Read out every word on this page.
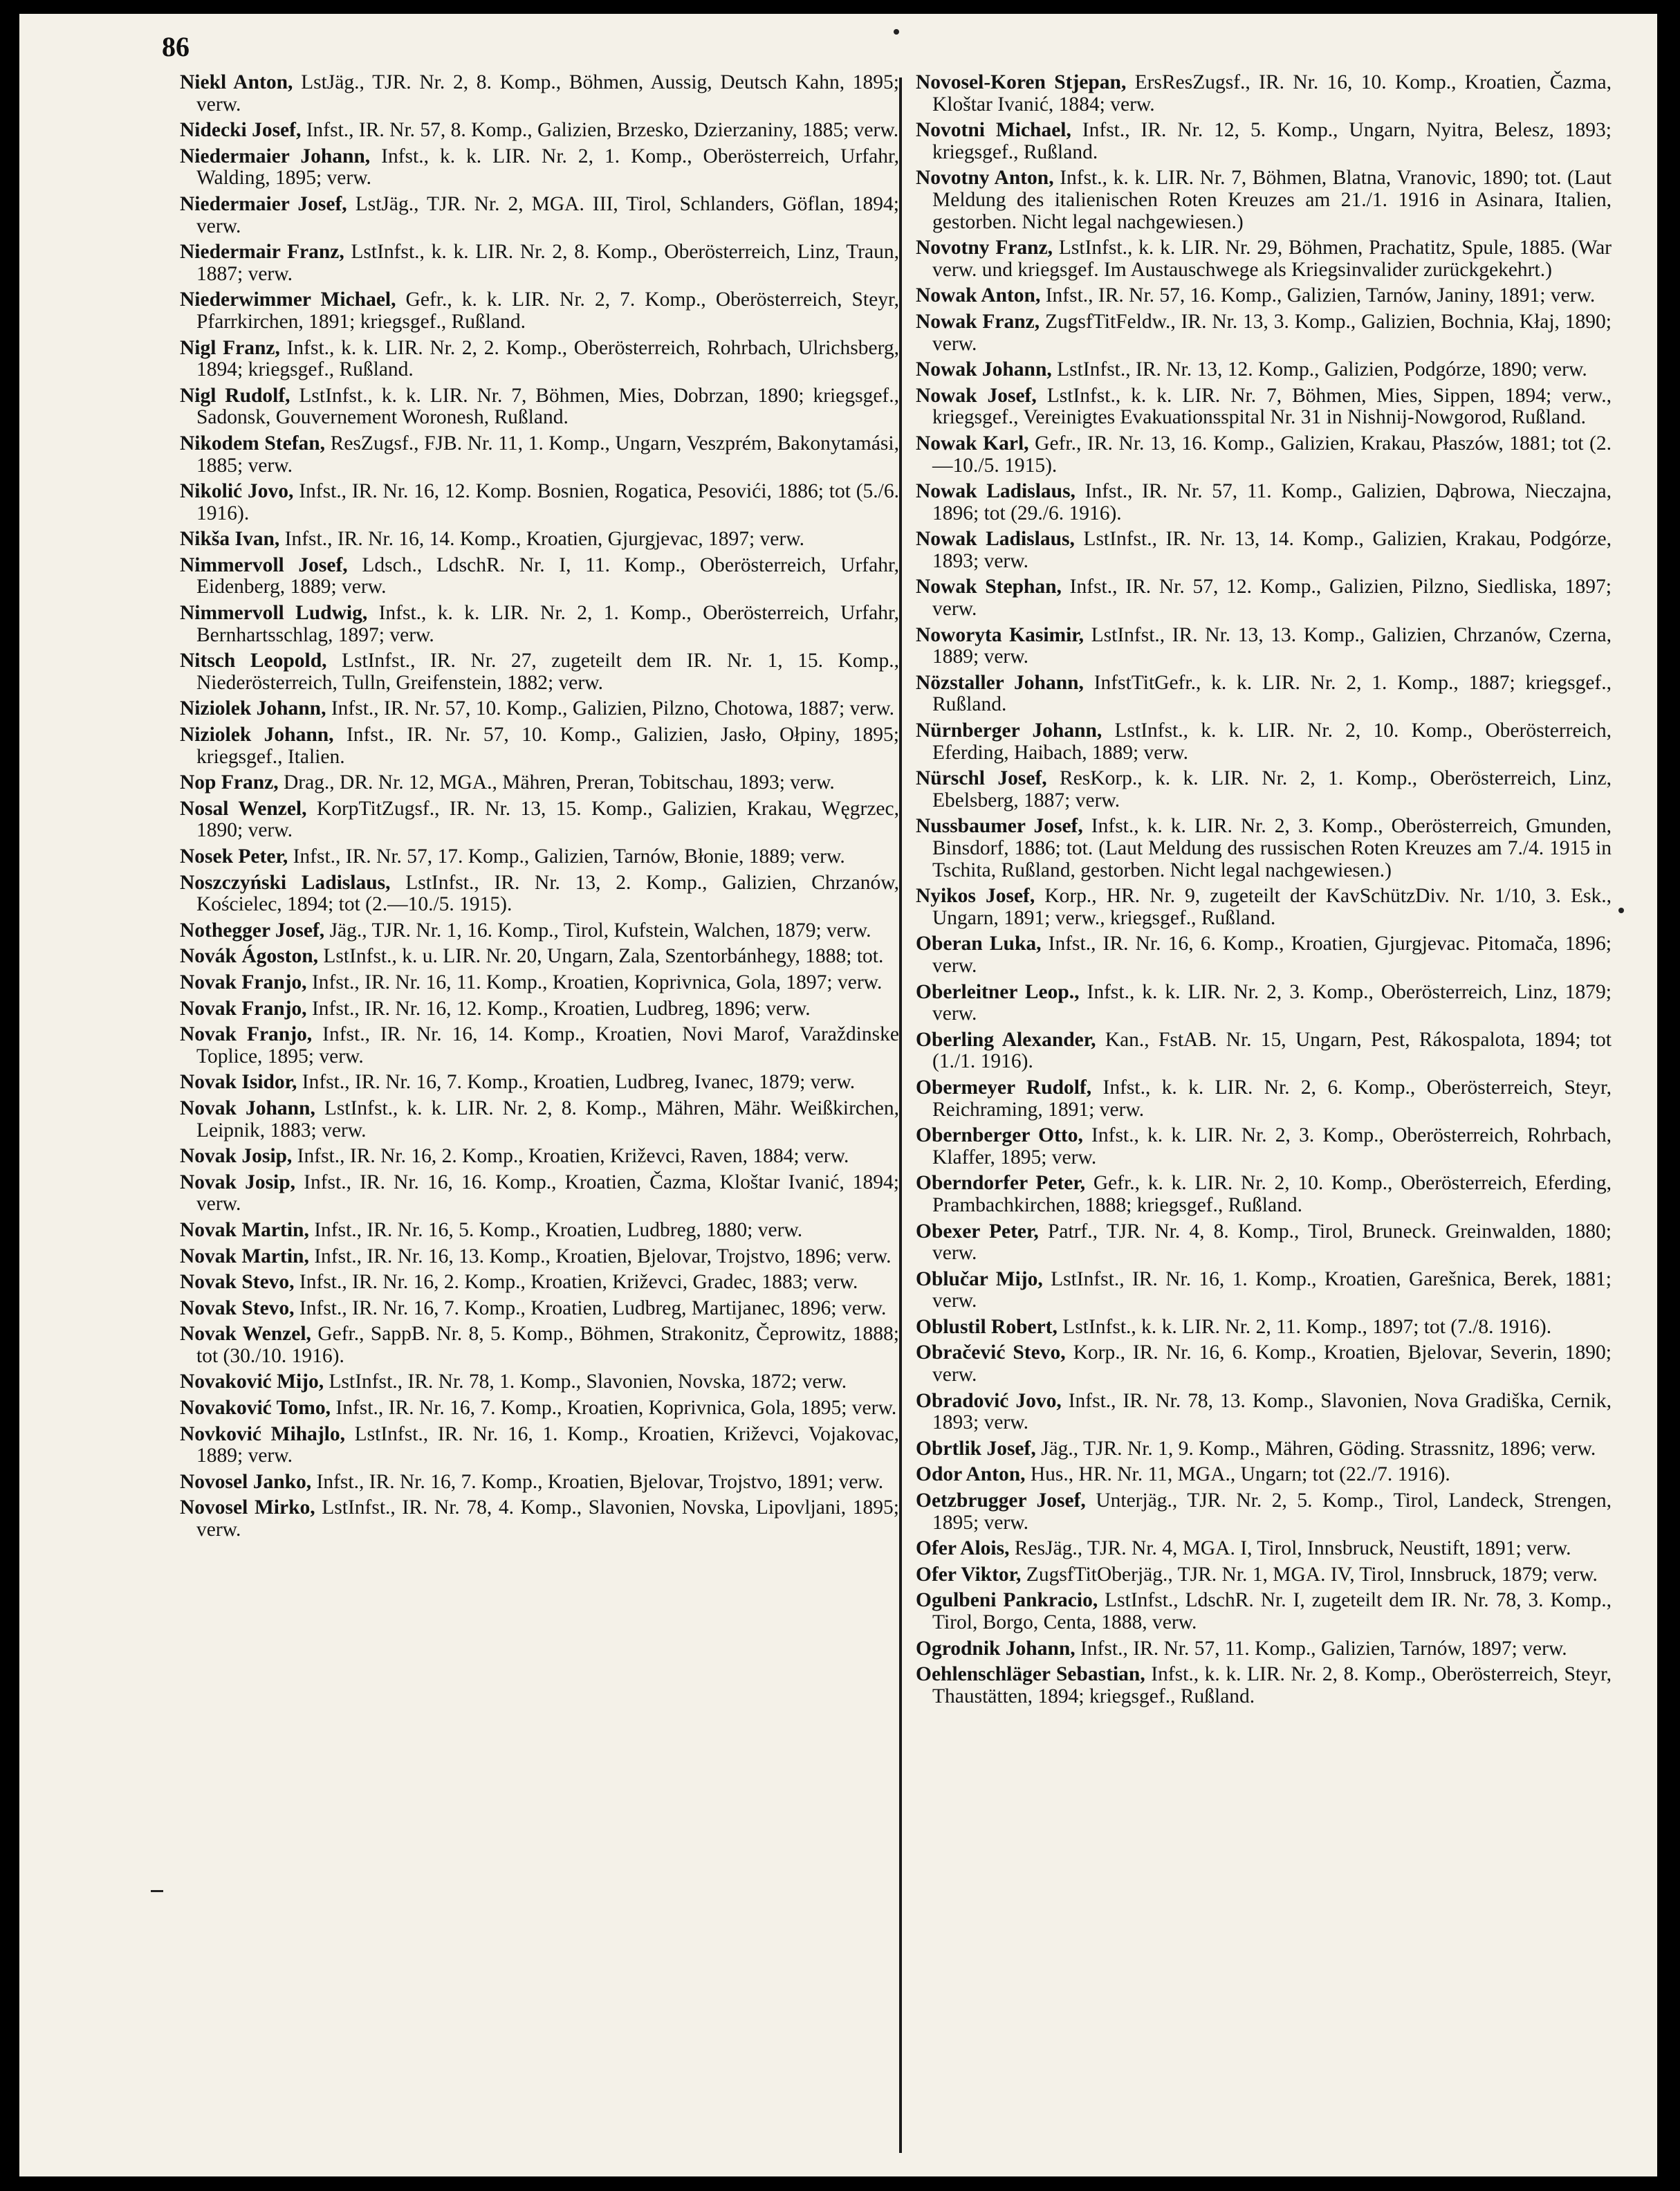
86

Niekl Anton, LstJäg., TJR. Nr. 2, 8. Komp., Böhmen, Aussig, Deutsch Kahn, 1895; verw.

Nidecki Josef, Infst., IR. Nr. 57, 8. Komp., Galizien, Brzesko, Dzierzaniny, 1885; verw.

Niedermaier Johann, Infst., k. k. LIR. Nr. 2, 1. Komp., Oberösterreich, Urfahr, Walding, 1895; verw.

Niedermaier Josef, LstJäg., TJR. Nr. 2, MGA. III, Tirol, Schlanders, Göflan, 1894; verw.

Niedermair Franz, LstInfst., k. k. LIR. Nr. 2, 8. Komp., Oberösterreich, Linz, Traun, 1887; verw.

Niederwimmer Michael, Gefr., k. k. LIR. Nr. 2, 7. Komp., Oberösterreich, Steyr, Pfarrkirchen, 1891; kriegsgef., Rußland.

Nigl Franz, Infst., k. k. LIR. Nr. 2, 2. Komp., Oberösterreich, Rohrbach, Ulrichsberg, 1894; kriegsgef., Rußland.

Nigl Rudolf, LstInfst., k. k. LIR. Nr. 7, Böhmen, Mies, Dobrzan, 1890; kriegsgef., Sadonsk, Gouvernement Woronesh, Rußland.

Nikodem Stefan, ResZugsf., FJB. Nr. 11, 1. Komp., Ungarn, Veszprém, Bakonytamási, 1885; verw.

Nikolić Jovo, Infst., IR. Nr. 16, 12. Komp. Bosnien, Rogatica, Pesovići, 1886; tot (5./6. 1916).

Nikša Ivan, Infst., IR. Nr. 16, 14. Komp., Kroatien, Gjurgjevac, 1897; verw.

Nimmervoll Josef, Ldsch., LdschR. Nr. I, 11. Komp., Oberösterreich, Urfahr, Eidenberg, 1889; verw.

Nimmervoll Ludwig, Infst., k. k. LIR. Nr. 2, 1. Komp., Oberösterreich, Urfahr, Bernhartsschlag, 1897; verw.

Nitsch Leopold, LstInfst., IR. Nr. 27, zugeteilt dem IR. Nr. 1, 15. Komp., Niederösterreich, Tulln, Greifenstein, 1882; verw.

Niziolek Johann, Infst., IR. Nr. 57, 10. Komp., Galizien, Pilzno, Chotowa, 1887; verw.

Niziolek Johann, Infst., IR. Nr. 57, 10. Komp., Galizien, Jasło, Ołpiny, 1895; kriegsgef., Italien.

Nop Franz, Drag., DR. Nr. 12, MGA., Mähren, Preran, Tobitschau, 1893; verw.

Nosal Wenzel, KorpTitZugsf., IR. Nr. 13, 15. Komp., Galizien, Krakau, Węgrzec, 1890; verw.

Nosek Peter, Infst., IR. Nr. 57, 17. Komp., Galizien, Tarnów, Błonie, 1889; verw.

Noszczyński Ladislaus, LstInfst., IR. Nr. 13, 2. Komp., Galizien, Chrzanów, Kościelec, 1894; tot (2.—10./5. 1915).

Nothegger Josef, Jäg., TJR. Nr. 1, 16. Komp., Tirol, Kufstein, Walchen, 1879; verw.

Novák Ágoston, LstInfst., k. u. LIR. Nr. 20, Ungarn, Zala, Szentorbánhegy, 1888; tot.

Novak Franjo, Infst., IR. Nr. 16, 11. Komp., Kroatien, Koprivnica, Gola, 1897; verw.

Novak Franjo, Infst., IR. Nr. 16, 12. Komp., Kroatien, Ludbreg, 1896; verw.

Novak Franjo, Infst., IR. Nr. 16, 14. Komp., Kroatien, Novi Marof, Varaždinske Toplice, 1895; verw.

Novak Isidor, Infst., IR. Nr. 16, 7. Komp., Kroatien, Ludbreg, Ivanec, 1879; verw.

Novak Johann, LstInfst., k. k. LIR. Nr. 2, 8. Komp., Mähren, Mähr. Weißkirchen, Leipnik, 1883; verw.

Novak Josip, Infst., IR. Nr. 16, 2. Komp., Kroatien, Križevci, Raven, 1884; verw.

Novak Josip, Infst., IR. Nr. 16, 16. Komp., Kroatien, Čazma, Kloštar Ivanić, 1894; verw.

Novak Martin, Infst., IR. Nr. 16, 5. Komp., Kroatien, Ludbreg, 1880; verw.

Novak Martin, Infst., IR. Nr. 16, 13. Komp., Kroatien, Bjelovar, Trojstvo, 1896; verw.

Novak Stevo, Infst., IR. Nr. 16, 2. Komp., Kroatien, Križevci, Gradec, 1883; verw.

Novak Stevo, Infst., IR. Nr. 16, 7. Komp., Kroatien, Ludbreg, Martijanec, 1896; verw.

Novak Wenzel, Gefr., SappB. Nr. 8, 5. Komp., Böhmen, Strakonitz, Čeprowitz, 1888; tot (30./10. 1916).

Novaković Mijo, LstInfst., IR. Nr. 78, 1. Komp., Slavonien, Novska, 1872; verw.

Novaković Tomo, Infst., IR. Nr. 16, 7. Komp., Kroatien, Koprivnica, Gola, 1895; verw.

Novković Mihajlo, LstInfst., IR. Nr. 16, 1. Komp., Kroatien, Križevci, Vojakovac, 1889; verw.

Novosel Janko, Infst., IR. Nr. 16, 7. Komp., Kroatien, Bjelovar, Trojstvo, 1891; verw.

Novosel Mirko, LstInfst., IR. Nr. 78, 4. Komp., Slavonien, Novska, Lipovljani, 1895; verw.

Novosel-Koren Stjepan, ErsResZugsf., IR. Nr. 16, 10. Komp., Kroatien, Čazma, Kloštar Ivanić, 1884; verw.

Novotni Michael, Infst., IR. Nr. 12, 5. Komp., Ungarn, Nyitra, Belesz, 1893; kriegsgef., Rußland.

Novotny Anton, Infst., k. k. LIR. Nr. 7, Böhmen, Blatna, Vranovic, 1890; tot. (Laut Meldung des italienischen Roten Kreuzes am 21./1. 1916 in Asinara, Italien, gestorben. Nicht legal nachgewiesen.)

Novotny Franz, LstInfst., k. k. LIR. Nr. 29, Böhmen, Prachatitz, Spule, 1885. (War verw. und kriegsgef. Im Austauschwege als Kriegsinvalider zurückgekehrt.)

Nowak Anton, Infst., IR. Nr. 57, 16. Komp., Galizien, Tarnów, Janiny, 1891; verw.

Nowak Franz, ZugsfTitFeldw., IR. Nr. 13, 3. Komp., Galizien, Bochnia, Kłaj, 1890; verw.

Nowak Johann, LstInfst., IR. Nr. 13, 12. Komp., Galizien, Podgórze, 1890; verw.

Nowak Josef, LstInfst., k. k. LIR. Nr. 7, Böhmen, Mies, Sippen, 1894; verw., kriegsgef., Vereinigtes Evakuationsspital Nr. 31 in Nishnij-Nowgorod, Rußland.

Nowak Karl, Gefr., IR. Nr. 13, 16. Komp., Galizien, Krakau, Płaszów, 1881; tot (2.—10./5. 1915).

Nowak Ladislaus, Infst., IR. Nr. 57, 11. Komp., Galizien, Dąbrowa, Nieczajna, 1896; tot (29./6. 1916).

Nowak Ladislaus, LstInfst., IR. Nr. 13, 14. Komp., Galizien, Krakau, Podgórze, 1893; verw.

Nowak Stephan, Infst., IR. Nr. 57, 12. Komp., Galizien, Pilzno, Siedliska, 1897; verw.

Noworyta Kasimir, LstInfst., IR. Nr. 13, 13. Komp., Galizien, Chrzanów, Czerna, 1889; verw.

Nözstaller Johann, InfstTitGefr., k. k. LIR. Nr. 2, 1. Komp., 1887; kriegsgef., Rußland.

Nürnberger Johann, LstInfst., k. k. LIR. Nr. 2, 10. Komp., Oberösterreich, Eferding, Haibach, 1889; verw.

Nürschl Josef, ResKorp., k. k. LIR. Nr. 2, 1. Komp., Oberösterreich, Linz, Ebelsberg, 1887; verw.

Nussbaumer Josef, Infst., k. k. LIR. Nr. 2, 3. Komp., Oberösterreich, Gmunden, Binsdorf, 1886; tot. (Laut Meldung des russischen Roten Kreuzes am 7./4. 1915 in Tschita, Rußland, gestorben. Nicht legal nachgewiesen.)

Nyikos Josef, Korp., HR. Nr. 9, zugeteilt der KavSchützDiv. Nr. 1/10, 3. Esk., Ungarn, 1891; verw., kriegsgef., Rußland.

Oberan Luka, Infst., IR. Nr. 16, 6. Komp., Kroatien, Gjurgjevac. Pitomača, 1896; verw.

Oberleitner Leop., Infst., k. k. LIR. Nr. 2, 3. Komp., Oberösterreich, Linz, 1879; verw.

Oberling Alexander, Kan., FstAB. Nr. 15, Ungarn, Pest, Rákospalota, 1894; tot (1./1. 1916).

Obermeyer Rudolf, Infst., k. k. LIR. Nr. 2, 6. Komp., Oberösterreich, Steyr, Reichraming, 1891; verw.

Obernberger Otto, Infst., k. k. LIR. Nr. 2, 3. Komp., Oberösterreich, Rohrbach, Klaffer, 1895; verw.

Oberndorfer Peter, Gefr., k. k. LIR. Nr. 2, 10. Komp., Oberösterreich, Eferding, Prambachkirchen, 1888; kriegsgef., Rußland.

Obexer Peter, Patrf., TJR. Nr. 4, 8. Komp., Tirol, Bruneck. Greinwalden, 1880; verw.

Oblučar Mijo, LstInfst., IR. Nr. 16, 1. Komp., Kroatien, Garešnica, Berek, 1881; verw.

Oblustil Robert, LstInfst., k. k. LIR. Nr. 2, 11. Komp., 1897; tot (7./8. 1916).

Obračević Stevo, Korp., IR. Nr. 16, 6. Komp., Kroatien, Bjelovar, Severin, 1890; verw.

Obradović Jovo, Infst., IR. Nr. 78, 13. Komp., Slavonien, Nova Gradiška, Cernik, 1893; verw.

Obrtlik Josef, Jäg., TJR. Nr. 1, 9. Komp., Mähren, Göding. Strassnitz, 1896; verw.

Odor Anton, Hus., HR. Nr. 11, MGA., Ungarn; tot (22./7. 1916).

Oetzbrugger Josef, Unterjäg., TJR. Nr. 2, 5. Komp., Tirol, Landeck, Strengen, 1895; verw.

Ofer Alois, ResJäg., TJR. Nr. 4, MGA. I, Tirol, Innsbruck, Neustift, 1891; verw.

Ofer Viktor, ZugsfTitOberjäg., TJR. Nr. 1, MGA. IV, Tirol, Innsbruck, 1879; verw.

Ogulbeni Pankracio, LstInfst., LdschR. Nr. I, zugeteilt dem IR. Nr. 78, 3. Komp., Tirol, Borgo, Centa, 1888, verw.

Ogrodnik Johann, Infst., IR. Nr. 57, 11. Komp., Galizien, Tarnów, 1897; verw.

Oehlenschläger Sebastian, Infst., k. k. LIR. Nr. 2, 8. Komp., Oberösterreich, Steyr, Thaustätten, 1894; kriegsgef., Rußland.
